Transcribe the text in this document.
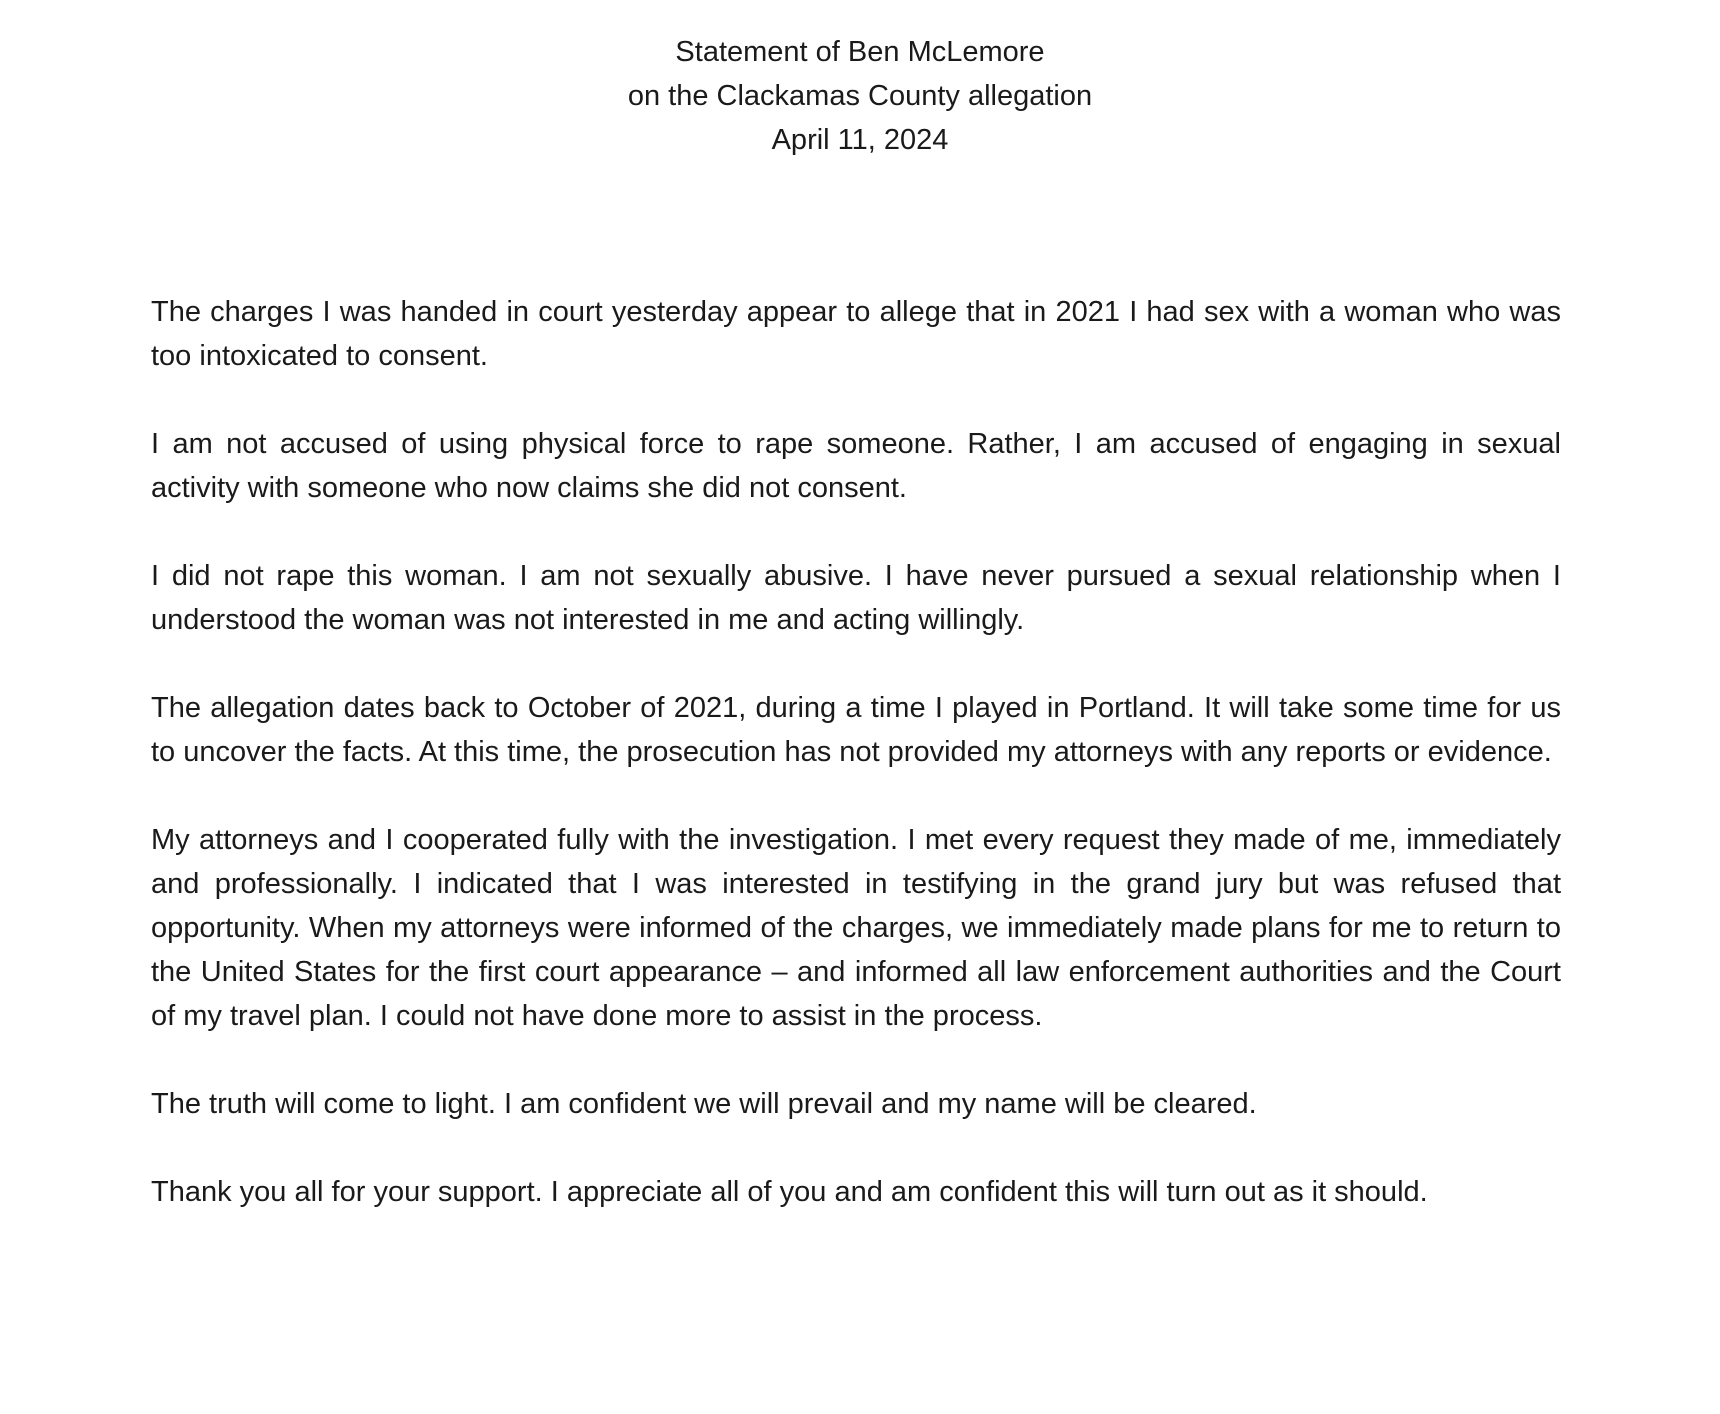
Statement of Ben McLemore
on the Clackamas County allegation
April 11, 2024

The charges I was handed in court yesterday appear to allege that in 2021 I had sex with a woman who was too intoxicated to consent.

I am not accused of using physical force to rape someone. Rather, I am accused of engaging in sexual activity with someone who now claims she did not consent.

I did not rape this woman. I am not sexually abusive. I have never pursued a sexual relationship when I understood the woman was not interested in me and acting willingly.

The allegation dates back to October of 2021, during a time I played in Portland. It will take some time for us to uncover the facts. At this time, the prosecution has not provided my attorneys with any reports or evidence.

My attorneys and I cooperated fully with the investigation. I met every request they made of me, immediately and professionally. I indicated that I was interested in testifying in the grand jury but was refused that opportunity. When my attorneys were informed of the charges, we immediately made plans for me to return to the United States for the first court appearance – and informed all law enforcement authorities and the Court of my travel plan. I could not have done more to assist in the process.

The truth will come to light. I am confident we will prevail and my name will be cleared.

Thank you all for your support. I appreciate all of you and am confident this will turn out as it should.
